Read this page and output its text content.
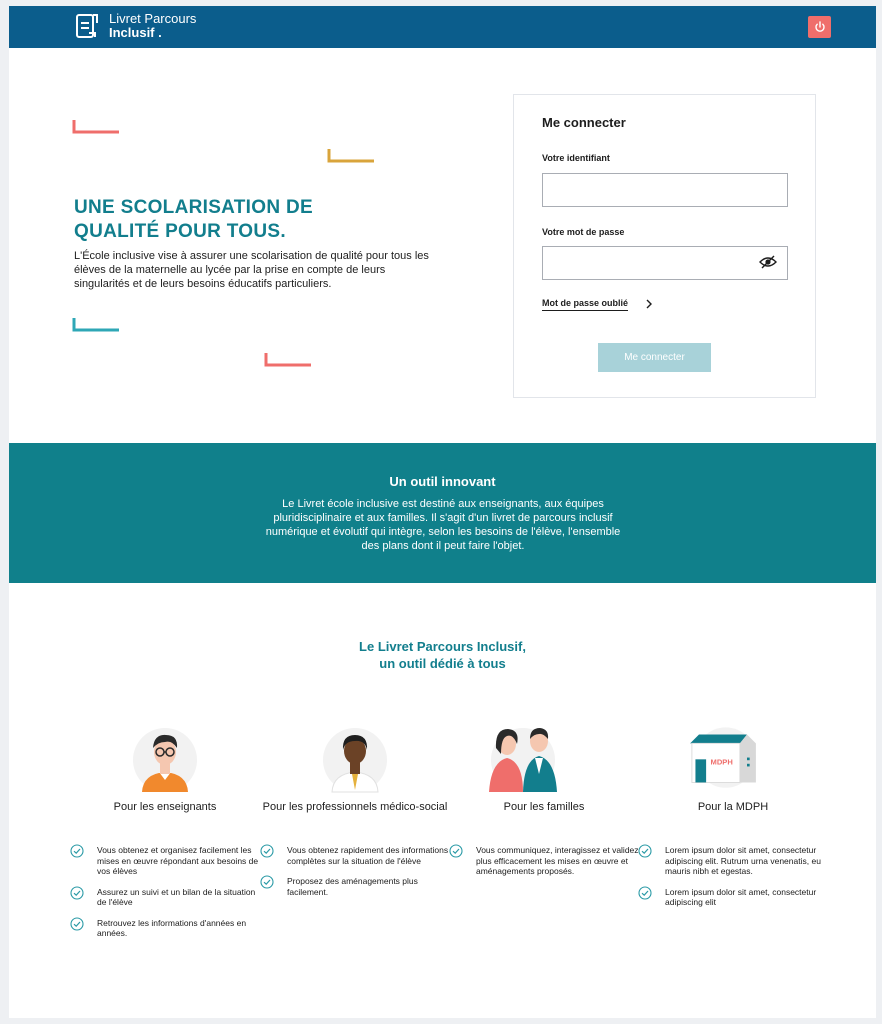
Livret Parcours
Inclusif .
UNE SCOLARISATION DE QUALITÉ POUR TOUS.

L'École inclusive vise à assurer une scolarisation de qualité pour tous les élèves de la maternelle au lycée par la prise en compte de leurs singularités et de leurs besoins éducatifs particuliers.

Me connecter
Votre identifiant
Votre mot de passe
Mot de passe oublié
Me connecter
Un outil innovant
Le Livret école inclusive est destiné aux enseignants, aux équipes pluridisciplinaire et aux familles. Il s'agit d'un livret de parcours inclusif numérique et évolutif qui intègre, selon les besoins de l'élève, l'ensemble des plans dont il peut faire l'objet.
Le Livret Parcours Inclusif,
un outil dédié à tous
Pour les enseignants
Vous obtenez et organisez facilement les mises en œuvre répondant aux besoins de vos élèves
Assurez un suivi et un bilan de la situation de l'élève
Retrouvez les informations d'années en années.
Pour les professionnels médico-social
Vous obtenez rapidement des informations complètes sur la situation de l'élève
Proposez des aménagements plus facilement.
Pour les familles
Vous communiquez, interagissez et validez plus efficacement les mises en œuvre et aménagements proposés.
MDPH
Pour la MDPH
Lorem ipsum dolor sit amet, consectetur adipiscing elit. Rutrum urna venenatis, eu mauris nibh et egestas.
Lorem ipsum dolor sit amet, consectetur adipiscing elit
